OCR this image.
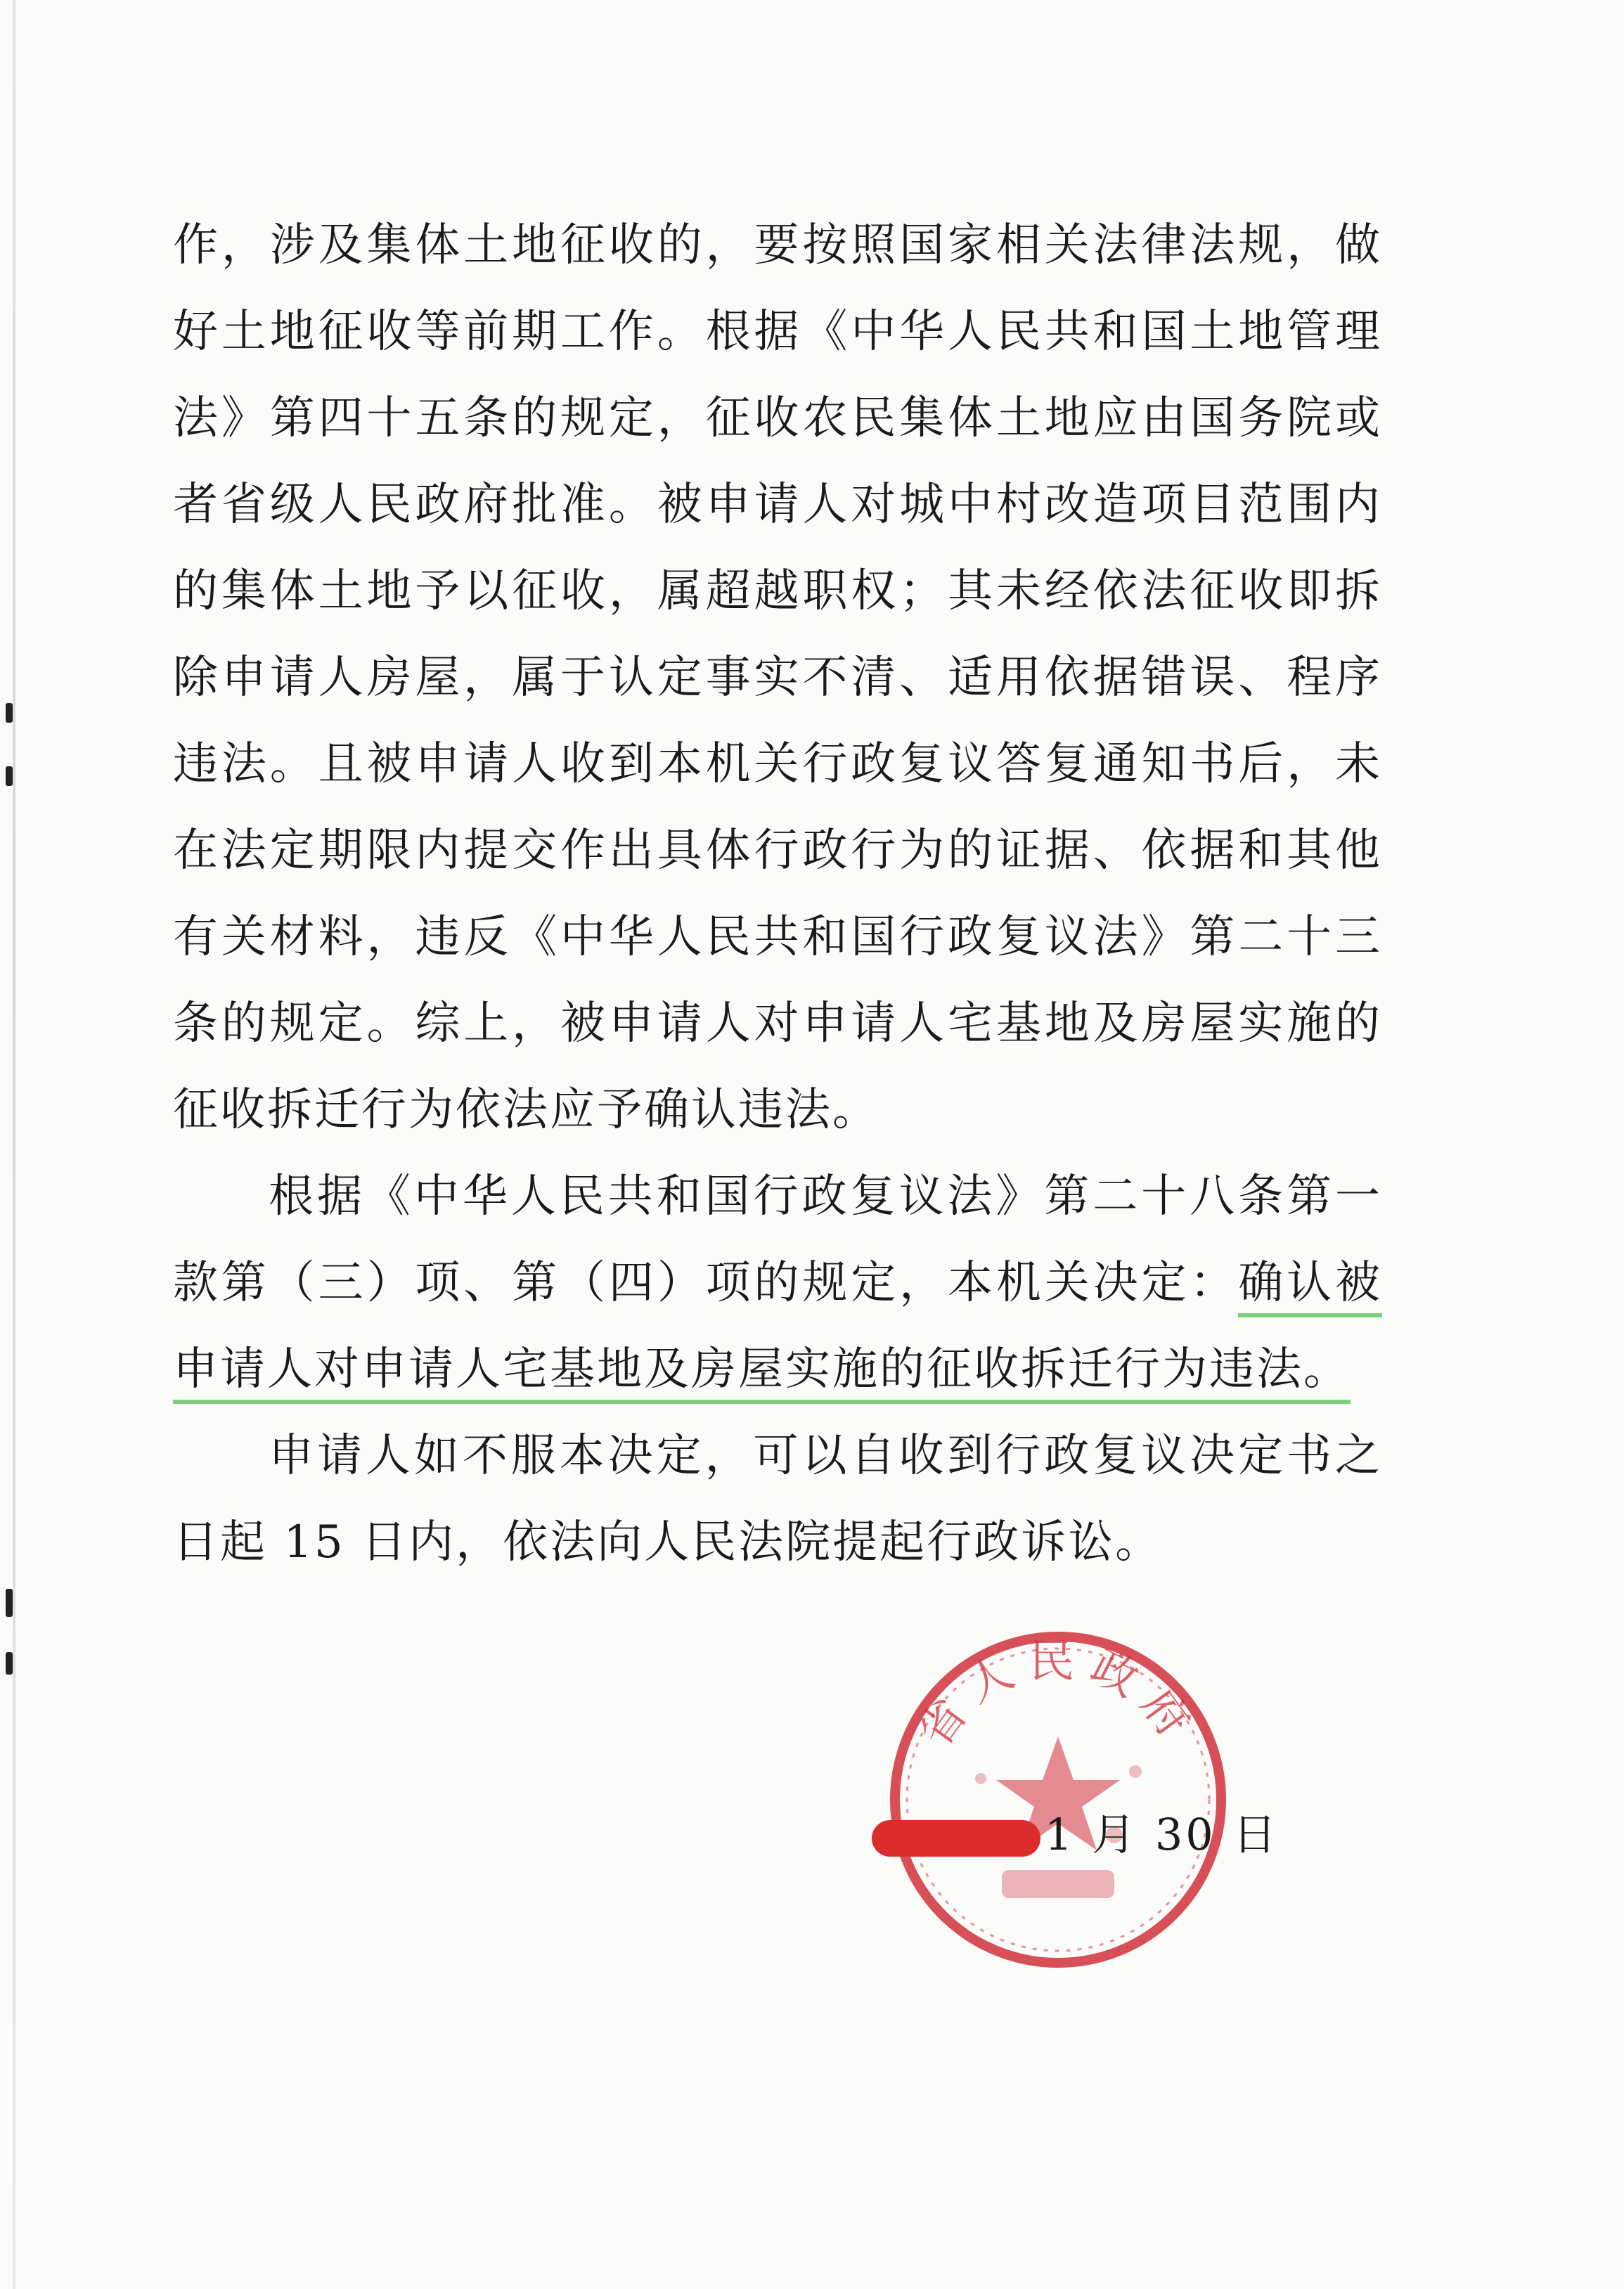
作，涉及集体土地征收的，要按照国家相关法律法规，做好土地征收等前期工作。根据《中华人民共和国土地管理法》第四十五条的规定，征收农民集体土地应由国务院或者省级人民政府批准。被申请人对城中村改造项目范围内的集体土地予以征收，属超越职权；其未经依法征收即拆除申请人房屋，属于认定事实不清、适用依据错误、程序违法。且被申请人收到本机关行政复议答复通知书后，未在法定期限内提交作出具体行政行为的证据、依据和其他有关材料，违反《中华人民共和国行政复议法》第二十三条的规定。综上，被申请人对申请人宅基地及房屋实施的征收拆迁行为依法应予确认违法。

根据《中华人民共和国行政复议法》第二十八条第一款第（三）项、第（四）项的规定，本机关决定：确认被申请人对申请人宅基地及房屋实施的征收拆迁行为违法。

申请人如不服本决定，可以自收到行政复议决定书之日起 15 日内，依法向人民法院提起行政诉讼。

省人民政府
1 月 30 日
